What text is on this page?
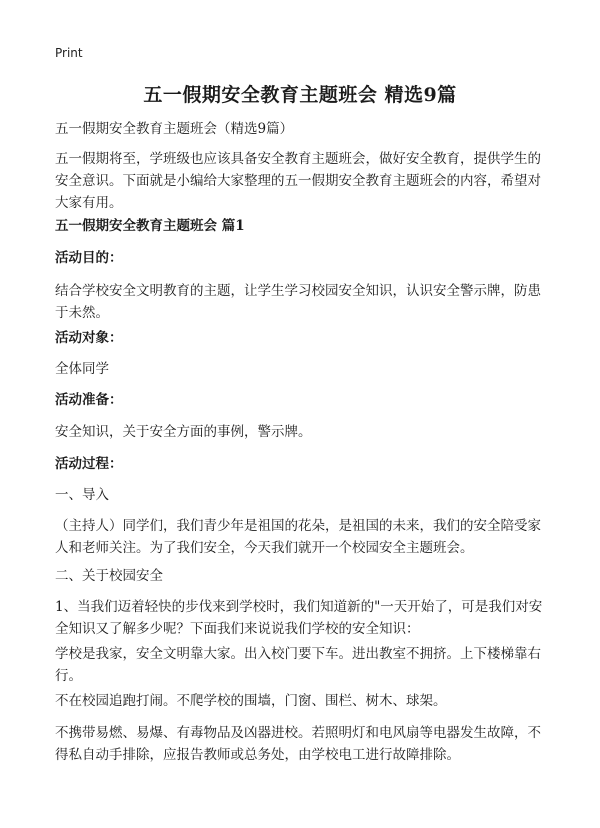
Print
五一假期安全教育主题班会 精选9篇

五一假期安全教育主题班会（精选9篇）

五一假期将至，学班级也应该具备安全教育主题班会，做好安全教育，提供学生的安全意识。下面就是小编给大家整理的五一假期安全教育主题班会的内容，希望对大家有用。

五一假期安全教育主题班会 篇1

活动目的：

结合学校安全文明教育的主题，让学生学习校园安全知识，认识安全警示牌，防患于未然。

活动对象：

全体同学

活动准备：

安全知识，关于安全方面的事例，警示牌。

活动过程：

一、导入

（主持人）同学们，我们青少年是祖国的花朵，是祖国的未来，我们的安全陪受家人和老师关注。为了我们安全，今天我们就开一个校园安全主题班会。

二、关于校园安全

1、当我们迈着轻快的步伐来到学校时，我们知道新的"一天开始了，可是我们对安全知识又了解多少呢？下面我们来说说我们学校的安全知识：

学校是我家，安全文明靠大家。出入校门要下车。进出教室不拥挤。上下楼梯靠右行。

不在校园追跑打闹。不爬学校的围墙，门窗、围栏、树木、球架。

不携带易燃、易爆、有毒物品及凶器进校。若照明灯和电风扇等电器发生故障，不得私自动手排除，应报告教师或总务处，由学校电工进行故障排除。
